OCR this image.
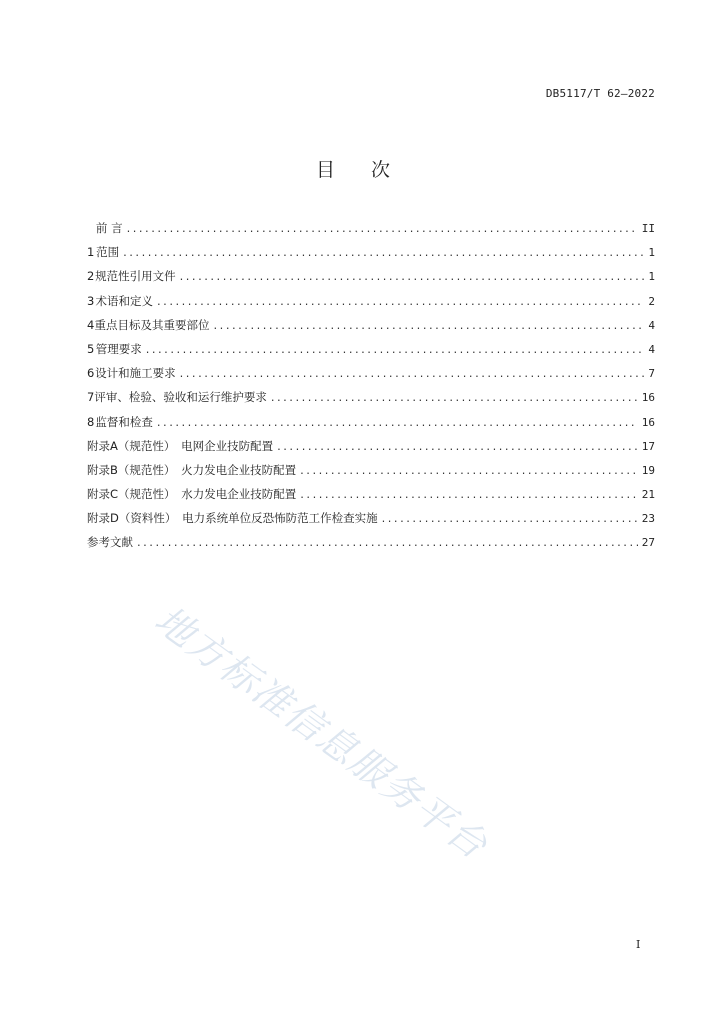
DB5117/T 62—2022
目次
前 言 .....	II
1 范围 .....	1
2 规范性引用文件 .....	1
3 术语和定义 .....	2
4 重点目标及其重要部位 .....	4
5 管理要求 .....	4
6 设计和施工要求 .....	7
7 评审、检验、验收和运行维护要求 .....	16
8 监督和检查 .....	16
附录A（规范性）　电网企业技防配置 .....	17
附录B（规范性）　火力发电企业技防配置 .....	19
附录C（规范性）　水力发电企业技防配置 .....	21
附录D（资料性）　电力系统单位反恐怖防范工作检查实施 .....	23
参考文献 .....	27
地方标准信息服务平台
I
